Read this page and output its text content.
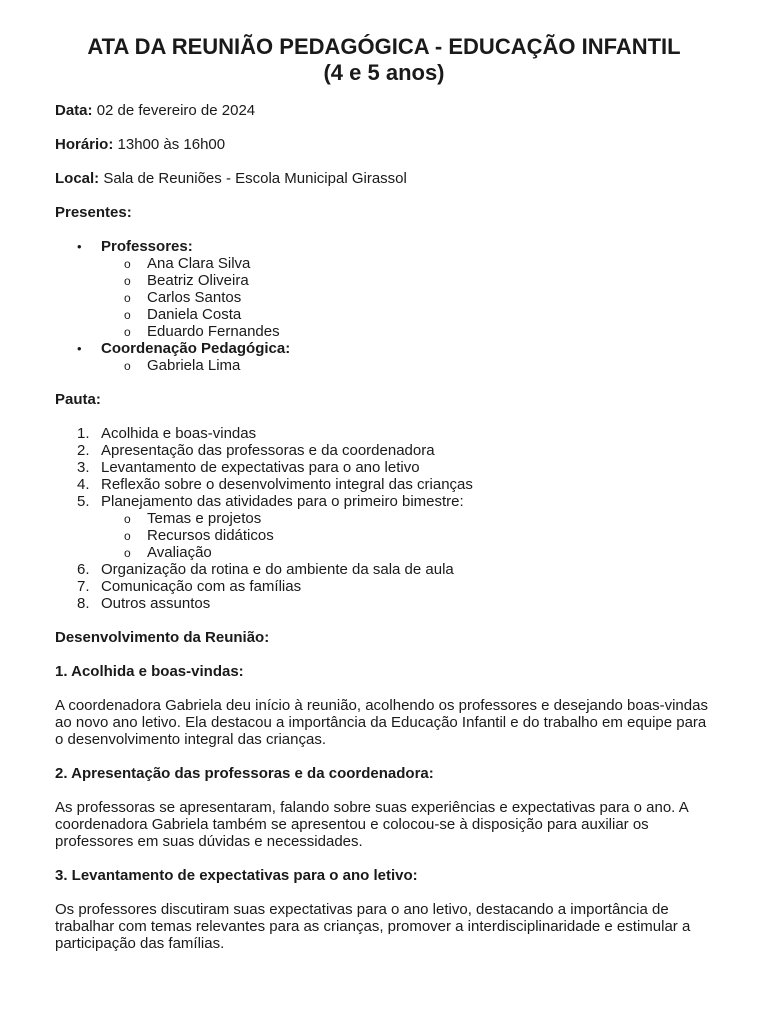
ATA DA REUNIÃO PEDAGÓGICA - EDUCAÇÃO INFANTIL
(4 e 5 anos)

Data: 02 de fevereiro de 2024

Horário: 13h00 às 16h00

Local: Sala de Reuniões - Escola Municipal Girassol

Presentes:

• Professores:
o Ana Clara Silva
o Beatriz Oliveira
o Carlos Santos
o Daniela Costa
o Eduardo Fernandes
• Coordenação Pedagógica:
o Gabriela Lima

Pauta:

1. Acolhida e boas-vindas
2. Apresentação das professoras e da coordenadora
3. Levantamento de expectativas para o ano letivo
4. Reflexão sobre o desenvolvimento integral das crianças
5. Planejamento das atividades para o primeiro bimestre:
o Temas e projetos
o Recursos didáticos
o Avaliação
6. Organização da rotina e do ambiente da sala de aula
7. Comunicação com as famílias
8. Outros assuntos

Desenvolvimento da Reunião:

1. Acolhida e boas-vindas:

A coordenadora Gabriela deu início à reunião, acolhendo os professores e desejando boas-vindas ao novo ano letivo. Ela destacou a importância da Educação Infantil e do trabalho em equipe para o desenvolvimento integral das crianças.

2. Apresentação das professoras e da coordenadora:

As professoras se apresentaram, falando sobre suas experiências e expectativas para o ano. A coordenadora Gabriela também se apresentou e colocou-se à disposição para auxiliar os professores em suas dúvidas e necessidades.

3. Levantamento de expectativas para o ano letivo:

Os professores discutiram suas expectativas para o ano letivo, destacando a importância de trabalhar com temas relevantes para as crianças, promover a interdisciplinaridade e estimular a participação das famílias.
